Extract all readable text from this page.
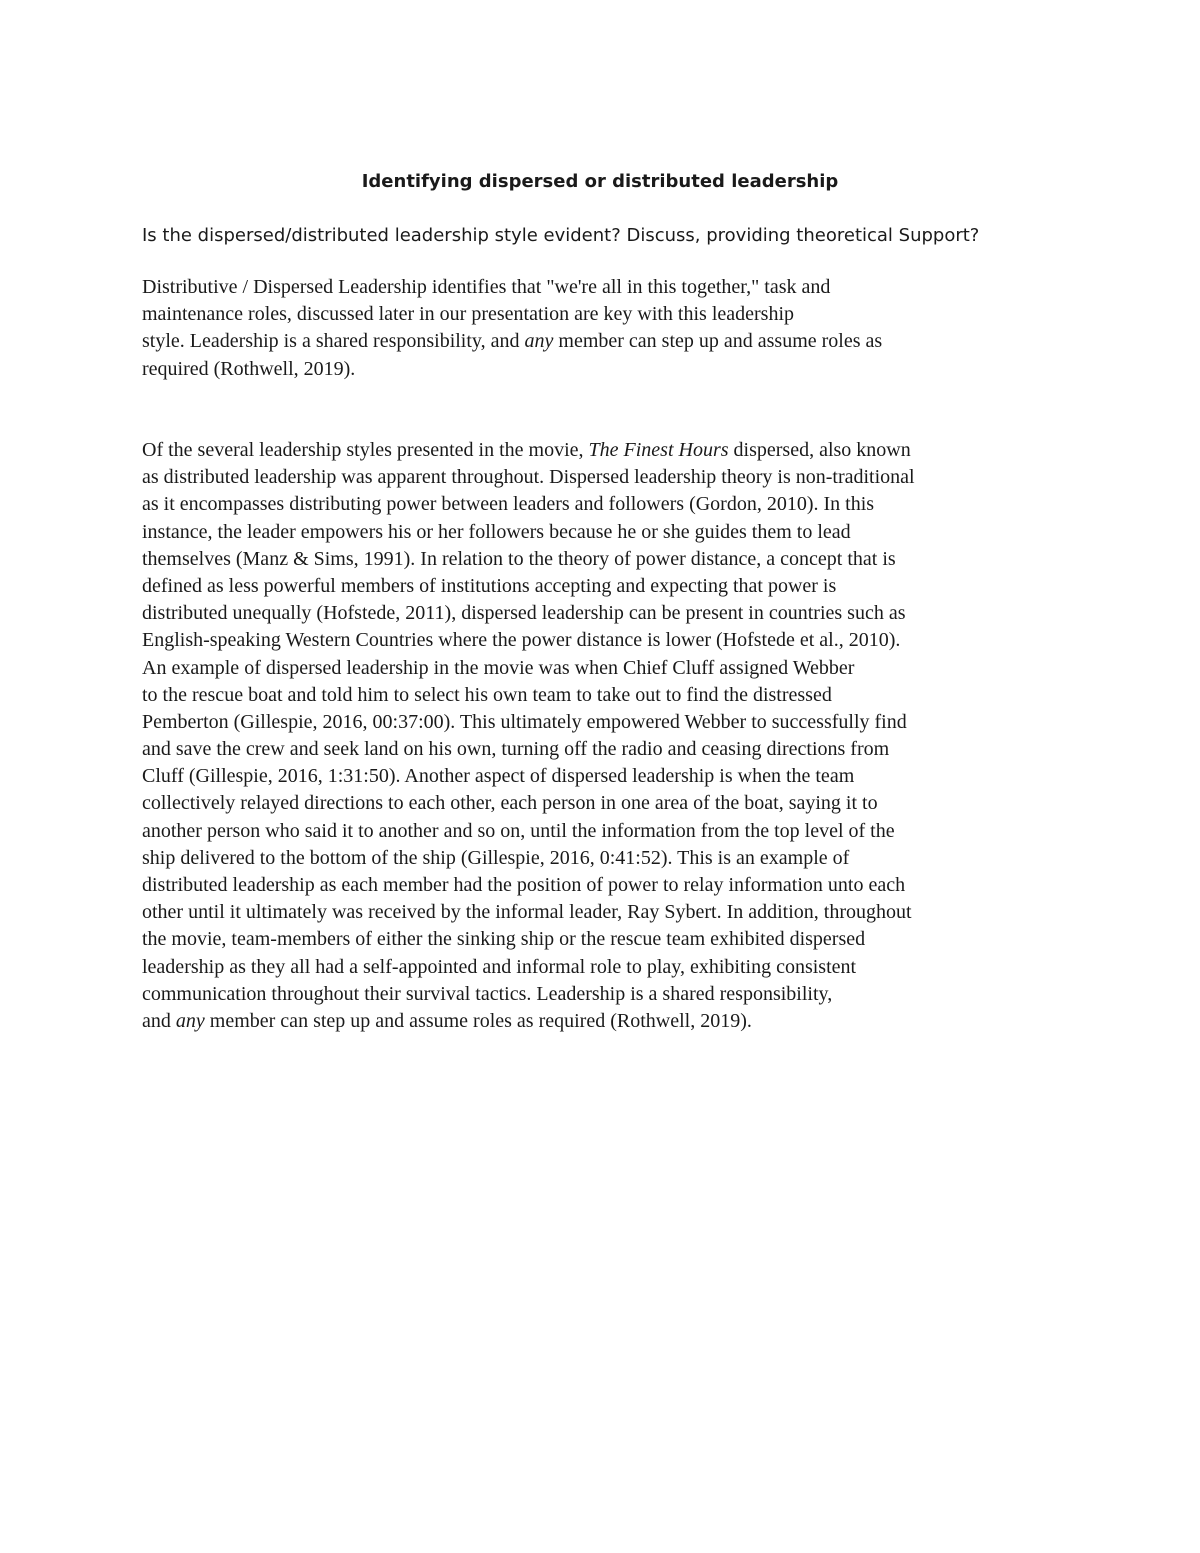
Identifying dispersed or distributed leadership
Is the dispersed/distributed leadership style evident? Discuss, providing theoretical Support?
Distributive / Dispersed Leadership identifies that "we're all in this together," task and
maintenance roles, discussed later in our presentation are key with this leadership
style. Leadership is a shared responsibility, and any member can step up and assume roles as
required (Rothwell, 2019).
Of the several leadership styles presented in the movie, The Finest Hours dispersed, also known
as distributed leadership was apparent throughout. Dispersed leadership theory is non-traditional
as it encompasses distributing power between leaders and followers (Gordon, 2010). In this
instance, the leader empowers his or her followers because he or she guides them to lead
themselves (Manz & Sims, 1991). In relation to the theory of power distance, a concept that is
defined as less powerful members of institutions accepting and expecting that power is
distributed unequally (Hofstede, 2011), dispersed leadership can be present in countries such as
English-speaking Western Countries where the power distance is lower (Hofstede et al., 2010).
An example of dispersed leadership in the movie was when Chief Cluff assigned Webber
to the rescue boat and told him to select his own team to take out to find the distressed
Pemberton (Gillespie, 2016, 00:37:00). This ultimately empowered Webber to successfully find
and save the crew and seek land on his own, turning off the radio and ceasing directions from
Cluff (Gillespie, 2016, 1:31:50). Another aspect of dispersed leadership is when the team
collectively relayed directions to each other, each person in one area of the boat, saying it to
another person who said it to another and so on, until the information from the top level of the
ship delivered to the bottom of the ship (Gillespie, 2016, 0:41:52). This is an example of
distributed leadership as each member had the position of power to relay information unto each
other until it ultimately was received by the informal leader, Ray Sybert. In addition, throughout
the movie, team-members of either the sinking ship or the rescue team exhibited dispersed
leadership as they all had a self-appointed and informal role to play, exhibiting consistent
communication throughout their survival tactics. Leadership is a shared responsibility,
and any member can step up and assume roles as required (Rothwell, 2019).
